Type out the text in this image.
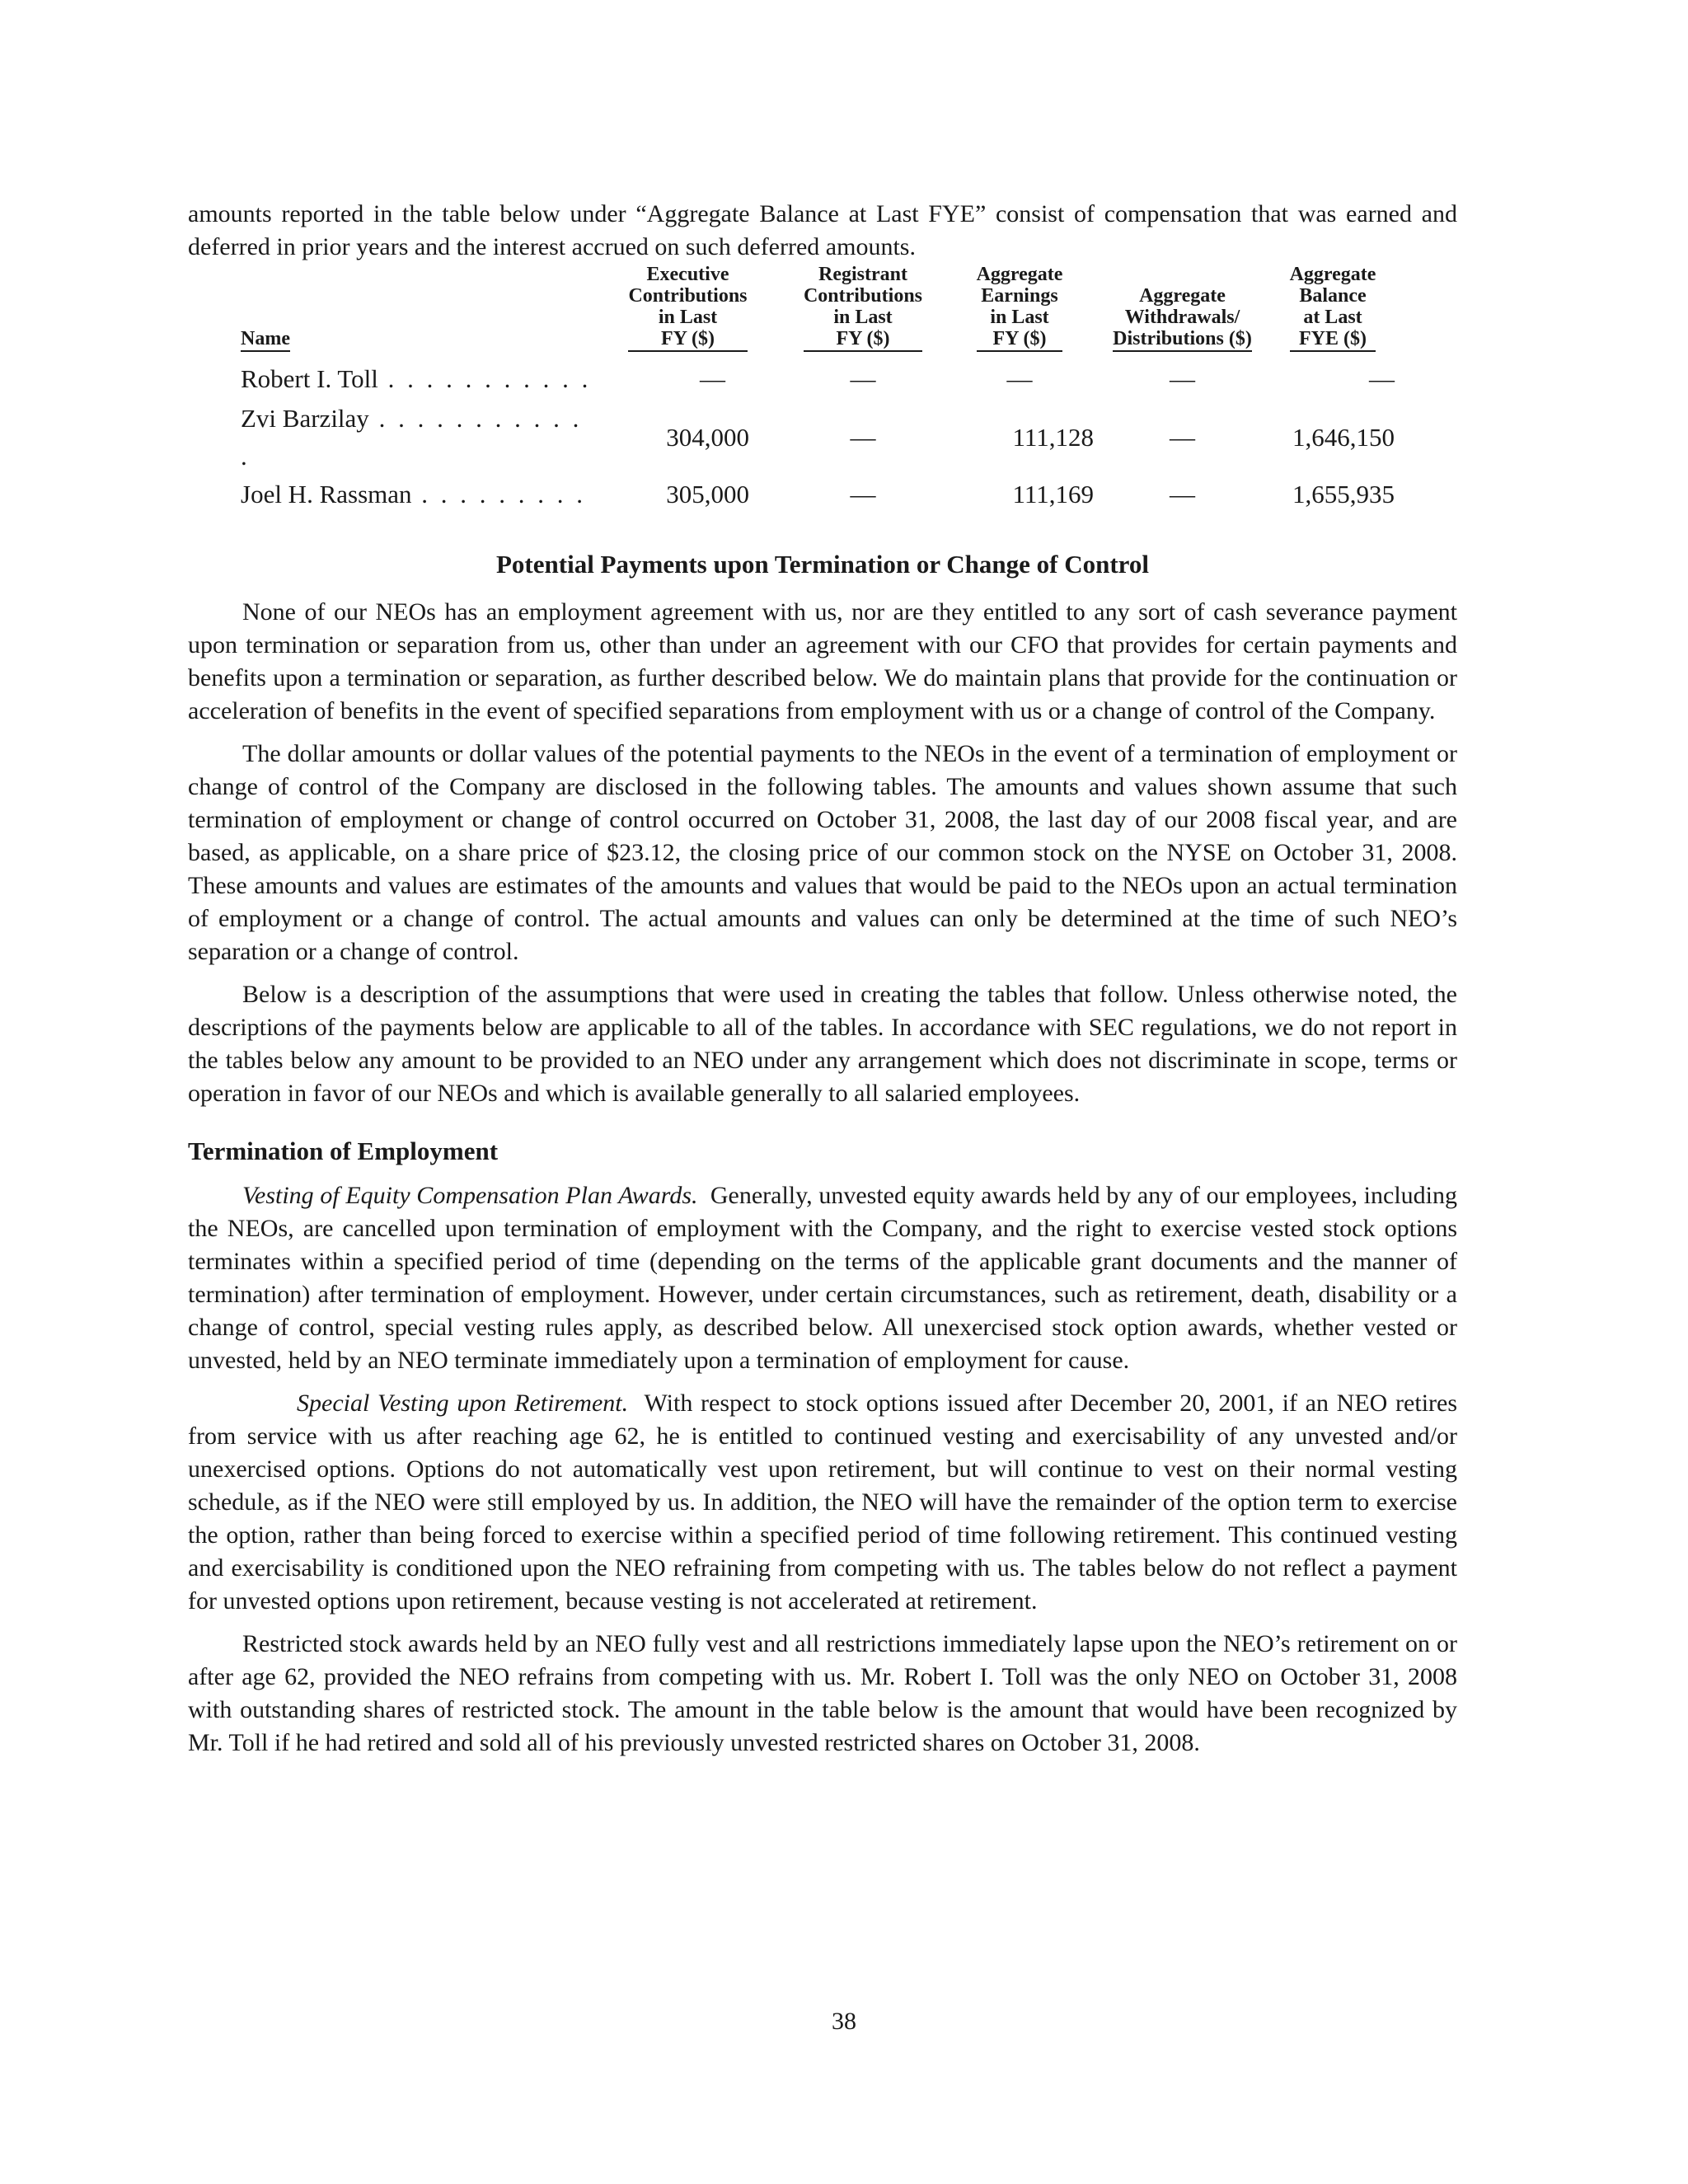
amounts reported in the table below under “Aggregate Balance at Last FYE” consist of compensation that was earned and deferred in prior years and the interest accrued on such deferred amounts.

Name	Executive
Contributions
in Last
FY ($)	Registrant
Contributions
in Last
FY ($)	Aggregate
Earnings
in Last
FY ($)	Aggregate
Withdrawals/
Distributions ($)	Aggregate
Balance
at Last
FYE ($)
Robert I. Toll . . . . . . . . . . .	—	—	—	—	—
Zvi Barzilay . . . . . . . . . . . .	304,000	—	111,128	—	1,646,150
Joel H. Rassman . . . . . . . . .	305,000	—	111,169	—	1,655,935
Potential Payments upon Termination or Change of Control

None of our NEOs has an employment agreement with us, nor are they entitled to any sort of cash severance payment upon termination or separation from us, other than under an agreement with our CFO that provides for certain payments and benefits upon a termination or separation, as further described below. We do maintain plans that provide for the continuation or acceleration of benefits in the event of specified separations from employment with us or a change of control of the Company.

The dollar amounts or dollar values of the potential payments to the NEOs in the event of a termination of employment or change of control of the Company are disclosed in the following tables. The amounts and values shown assume that such termination of employment or change of control occurred on October 31, 2008, the last day of our 2008 fiscal year, and are based, as applicable, on a share price of $23.12, the closing price of our common stock on the NYSE on October 31, 2008. These amounts and values are estimates of the amounts and values that would be paid to the NEOs upon an actual termination of employment or a change of control. The actual amounts and values can only be determined at the time of such NEO’s separation or a change of control.

Below is a description of the assumptions that were used in creating the tables that follow. Unless otherwise noted, the descriptions of the payments below are applicable to all of the tables. In accordance with SEC regulations, we do not report in the tables below any amount to be provided to an NEO under any arrangement which does not discriminate in scope, terms or operation in favor of our NEOs and which is available generally to all salaried employees.

Termination of Employment

Vesting of Equity Compensation Plan Awards. Generally, unvested equity awards held by any of our employees, including the NEOs, are cancelled upon termination of employment with the Company, and the right to exercise vested stock options terminates within a specified period of time (depending on the terms of the applicable grant documents and the manner of termination) after termination of employment. However, under certain circumstances, such as retirement, death, disability or a change of control, special vesting rules apply, as described below. All unexercised stock option awards, whether vested or unvested, held by an NEO terminate immediately upon a termination of employment for cause.

Special Vesting upon Retirement. With respect to stock options issued after December 20, 2001, if an NEO retires from service with us after reaching age 62, he is entitled to continued vesting and exercisability of any unvested and/or unexercised options. Options do not automatically vest upon retirement, but will continue to vest on their normal vesting schedule, as if the NEO were still employed by us. In addition, the NEO will have the remainder of the option term to exercise the option, rather than being forced to exercise within a specified period of time following retirement. This continued vesting and exercisability is conditioned upon the NEO refraining from competing with us. The tables below do not reflect a payment for unvested options upon retirement, because vesting is not accelerated at retirement.

Restricted stock awards held by an NEO fully vest and all restrictions immediately lapse upon the NEO’s retirement on or after age 62, provided the NEO refrains from competing with us. Mr. Robert I. Toll was the only NEO on October 31, 2008 with outstanding shares of restricted stock. The amount in the table below is the amount that would have been recognized by Mr. Toll if he had retired and sold all of his previously unvested restricted shares on October 31, 2008.

38
